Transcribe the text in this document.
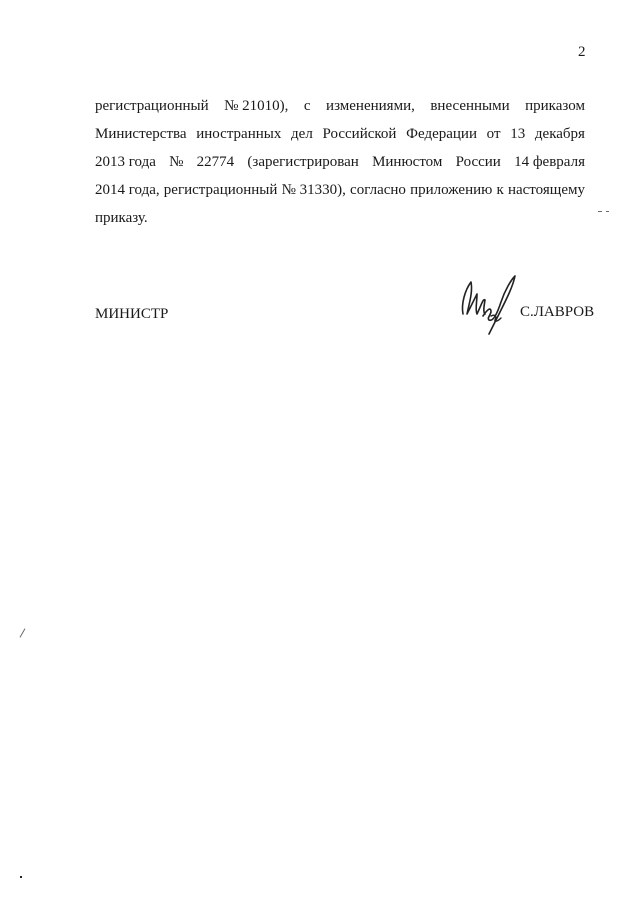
2
регистрационный № 21010), с изменениями, внесенными приказом
Министерства иностранных дел Российской Федерации от 13 декабря
2013 года № 22774 (зарегистрирован Минюстом России 14 февраля
2014 года, регистрационный № 31330), согласно приложению к настоящему
приказу.
МИНИСТР	С.ЛАВРОВ
